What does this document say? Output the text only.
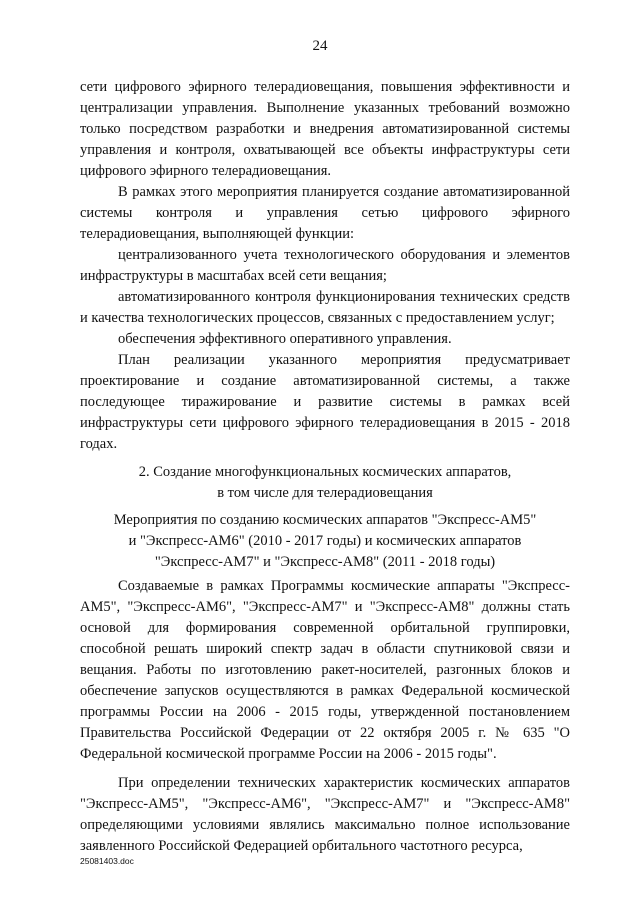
24

сети цифрового эфирного телерадиовещания, повышения эффективности и централизации управления. Выполнение указанных требований возможно только посредством разработки и внедрения автоматизированной системы управления и контроля, охватывающей все объекты инфраструктуры сети цифрового эфирного телерадиовещания.

В рамках этого мероприятия планируется создание автоматизированной системы контроля и управления сетью цифрового эфирного телерадиовещания, выполняющей функции:

централизованного учета технологического оборудования и элементов инфраструктуры в масштабах всей сети вещания;

автоматизированного контроля функционирования технических средств и качества технологических процессов, связанных с предоставлением услуг;

обеспечения эффективного оперативного управления.

План реализации указанного мероприятия предусматривает проектирование и создание автоматизированной системы, а также последующее тиражирование и развитие системы в рамках всей инфраструктуры сети цифрового эфирного телерадиовещания в 2015 - 2018 годах.

2. Создание многофункциональных космических аппаратов,

в том числе для телерадиовещания

Мероприятия по созданию космических аппаратов "Экспресс-АМ5"

и "Экспресс-АМ6" (2010 - 2017 годы) и космических аппаратов

"Экспресс-АМ7" и "Экспресс-АМ8" (2011 - 2018 годы)

Создаваемые в рамках Программы космические аппараты "Экспресс-АМ5", "Экспресс-АМ6", "Экспресс-АМ7" и "Экспресс-АМ8" должны стать основой для формирования современной орбитальной группировки, способной решать широкий спектр задач в области спутниковой связи и вещания. Работы по изготовлению ракет-носителей, разгонных блоков и обеспечение запусков осуществляются в рамках Федеральной космической программы России на 2006 - 2015 годы, утвержденной постановлением Правительства Российской Федерации от 22 октября 2005 г. № 635 "О Федеральной космической программе России на 2006 - 2015 годы".

При определении технических характеристик космических аппаратов "Экспресс-АМ5", "Экспресс-АМ6", "Экспресс-АМ7" и "Экспресс-АМ8" определяющими условиями являлись максимально полное использование заявленного Российской Федерацией орбитального частотного ресурса,

25081403.doc
